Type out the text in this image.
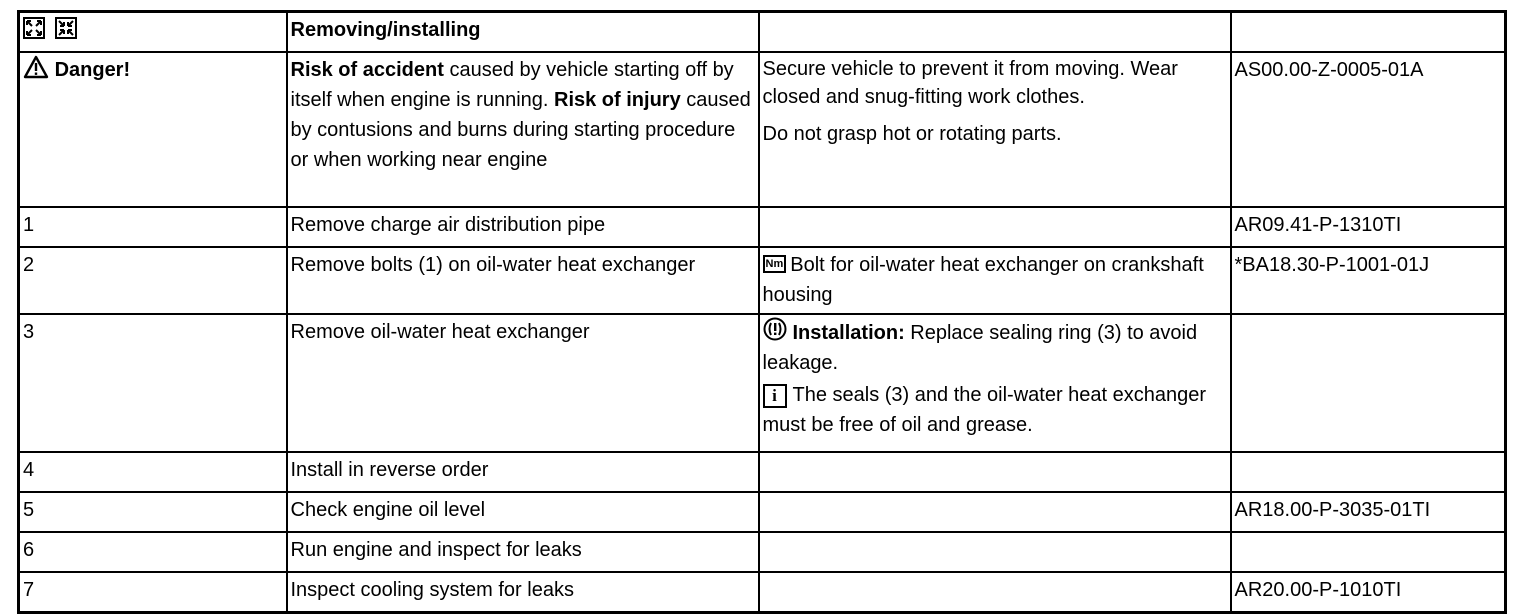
	Removing/installing		
Danger!	Risk of accident caused by vehicle starting off by itself when engine is running. Risk of injury caused by contusions and burns during starting procedure or when working near engine	Secure vehicle to prevent it from moving. Wear closed and snug-fitting work clothes.

Do not grasp hot or rotating parts.	AS00.00-Z-0005-01A
1	Remove charge air distribution pipe		AR09.41-P-1310TI
2	Remove bolts (1) on oil-water heat exchanger	Nm Bolt for oil-water heat exchanger on crankshaft housing	*BA18.30-P-1001-01J
3	Remove oil-water heat exchanger	Installation: Replace sealing ring (3) to avoid leakage.
i The seals (3) and the oil-water heat exchanger must be free of oil and grease.	

4	Install in reverse order		
5	Check engine oil level		AR18.00-P-3035-01TI
6	Run engine and inspect for leaks		
7	Inspect cooling system for leaks		AR20.00-P-1010TI
